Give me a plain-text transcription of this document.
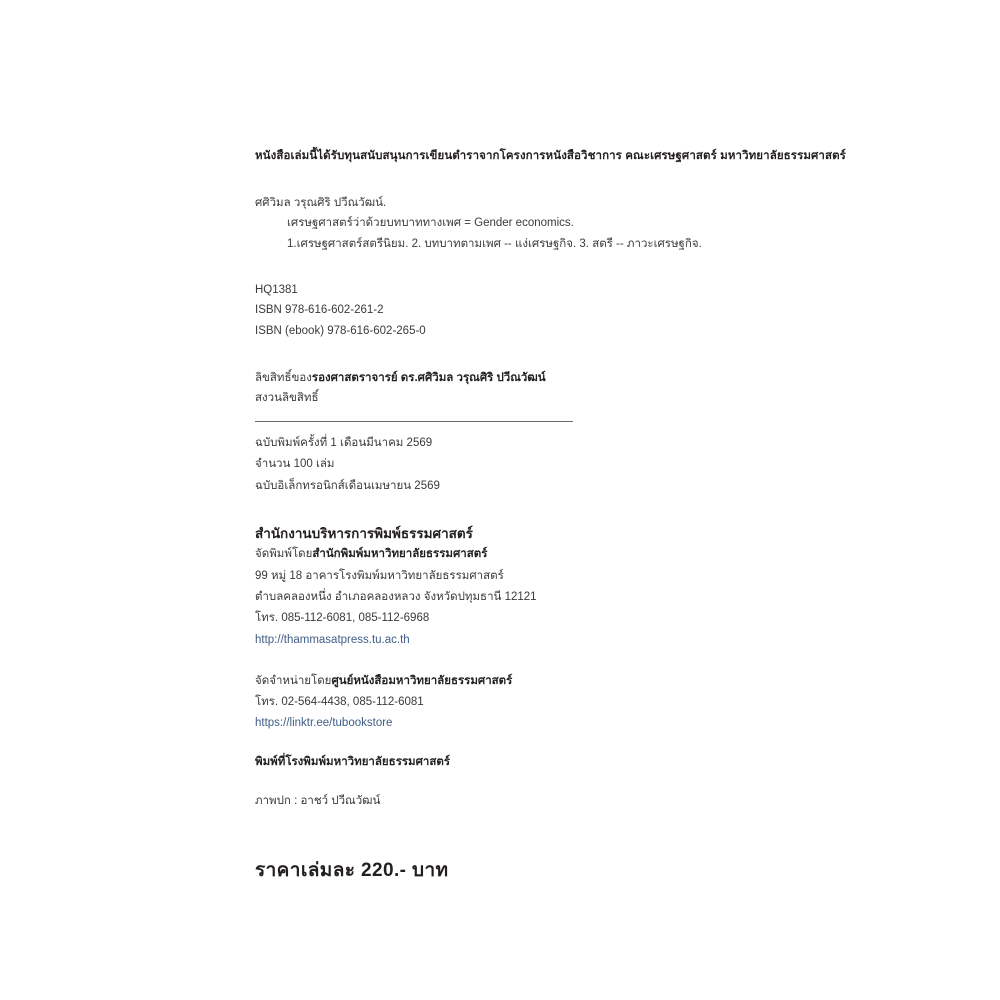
หนังสือเล่มนี้ได้รับทุนสนับสนุนการเขียนตำราจากโครงการหนังสือวิชาการ คณะเศรษฐศาสตร์ มหาวิทยาลัยธรรมศาสตร์
ศศิวิมล วรุณศิริ ปวีณวัฒน์.
เศรษฐศาสตร์ว่าด้วยบทบาททางเพศ = Gender economics.
1.เศรษฐศาสตร์สตรีนิยม. 2. บทบาทตามเพศ -- แง่เศรษฐกิจ. 3. สตรี -- ภาวะเศรษฐกิจ.
HQ1381
ISBN 978-616-602-261-2
ISBN (ebook) 978-616-602-265-0
ลิขสิทธิ์ของรองศาสตราจารย์ ดร.ศศิวิมล วรุณศิริ ปวีณวัฒน์
สงวนลิขสิทธิ์
ฉบับพิมพ์ครั้งที่ 1 เดือนมีนาคม 2569
จำนวน 100 เล่ม
ฉบับอิเล็กทรอนิกส์เดือนเมษายน 2569
สำนักงานบริหารการพิมพ์ธรรมศาสตร์
จัดพิมพ์โดยสำนักพิมพ์มหาวิทยาลัยธรรมศาสตร์
99 หมู่ 18 อาคารโรงพิมพ์มหาวิทยาลัยธรรมศาสตร์
ตำบลคลองหนึ่ง อำเภอคลองหลวง จังหวัดปทุมธานี 12121
โทร. 085-112-6081, 085-112-6968
http://thammasatpress.tu.ac.th
จัดจำหน่ายโดยศูนย์หนังสือมหาวิทยาลัยธรรมศาสตร์
โทร. 02-564-4438, 085-112-6081
https://linktr.ee/tubookstore
พิมพ์ที่โรงพิมพ์มหาวิทยาลัยธรรมศาสตร์
ภาพปก : อาชว์ ปวีณวัฒน์
ราคาเล่มละ 220.- บาท
